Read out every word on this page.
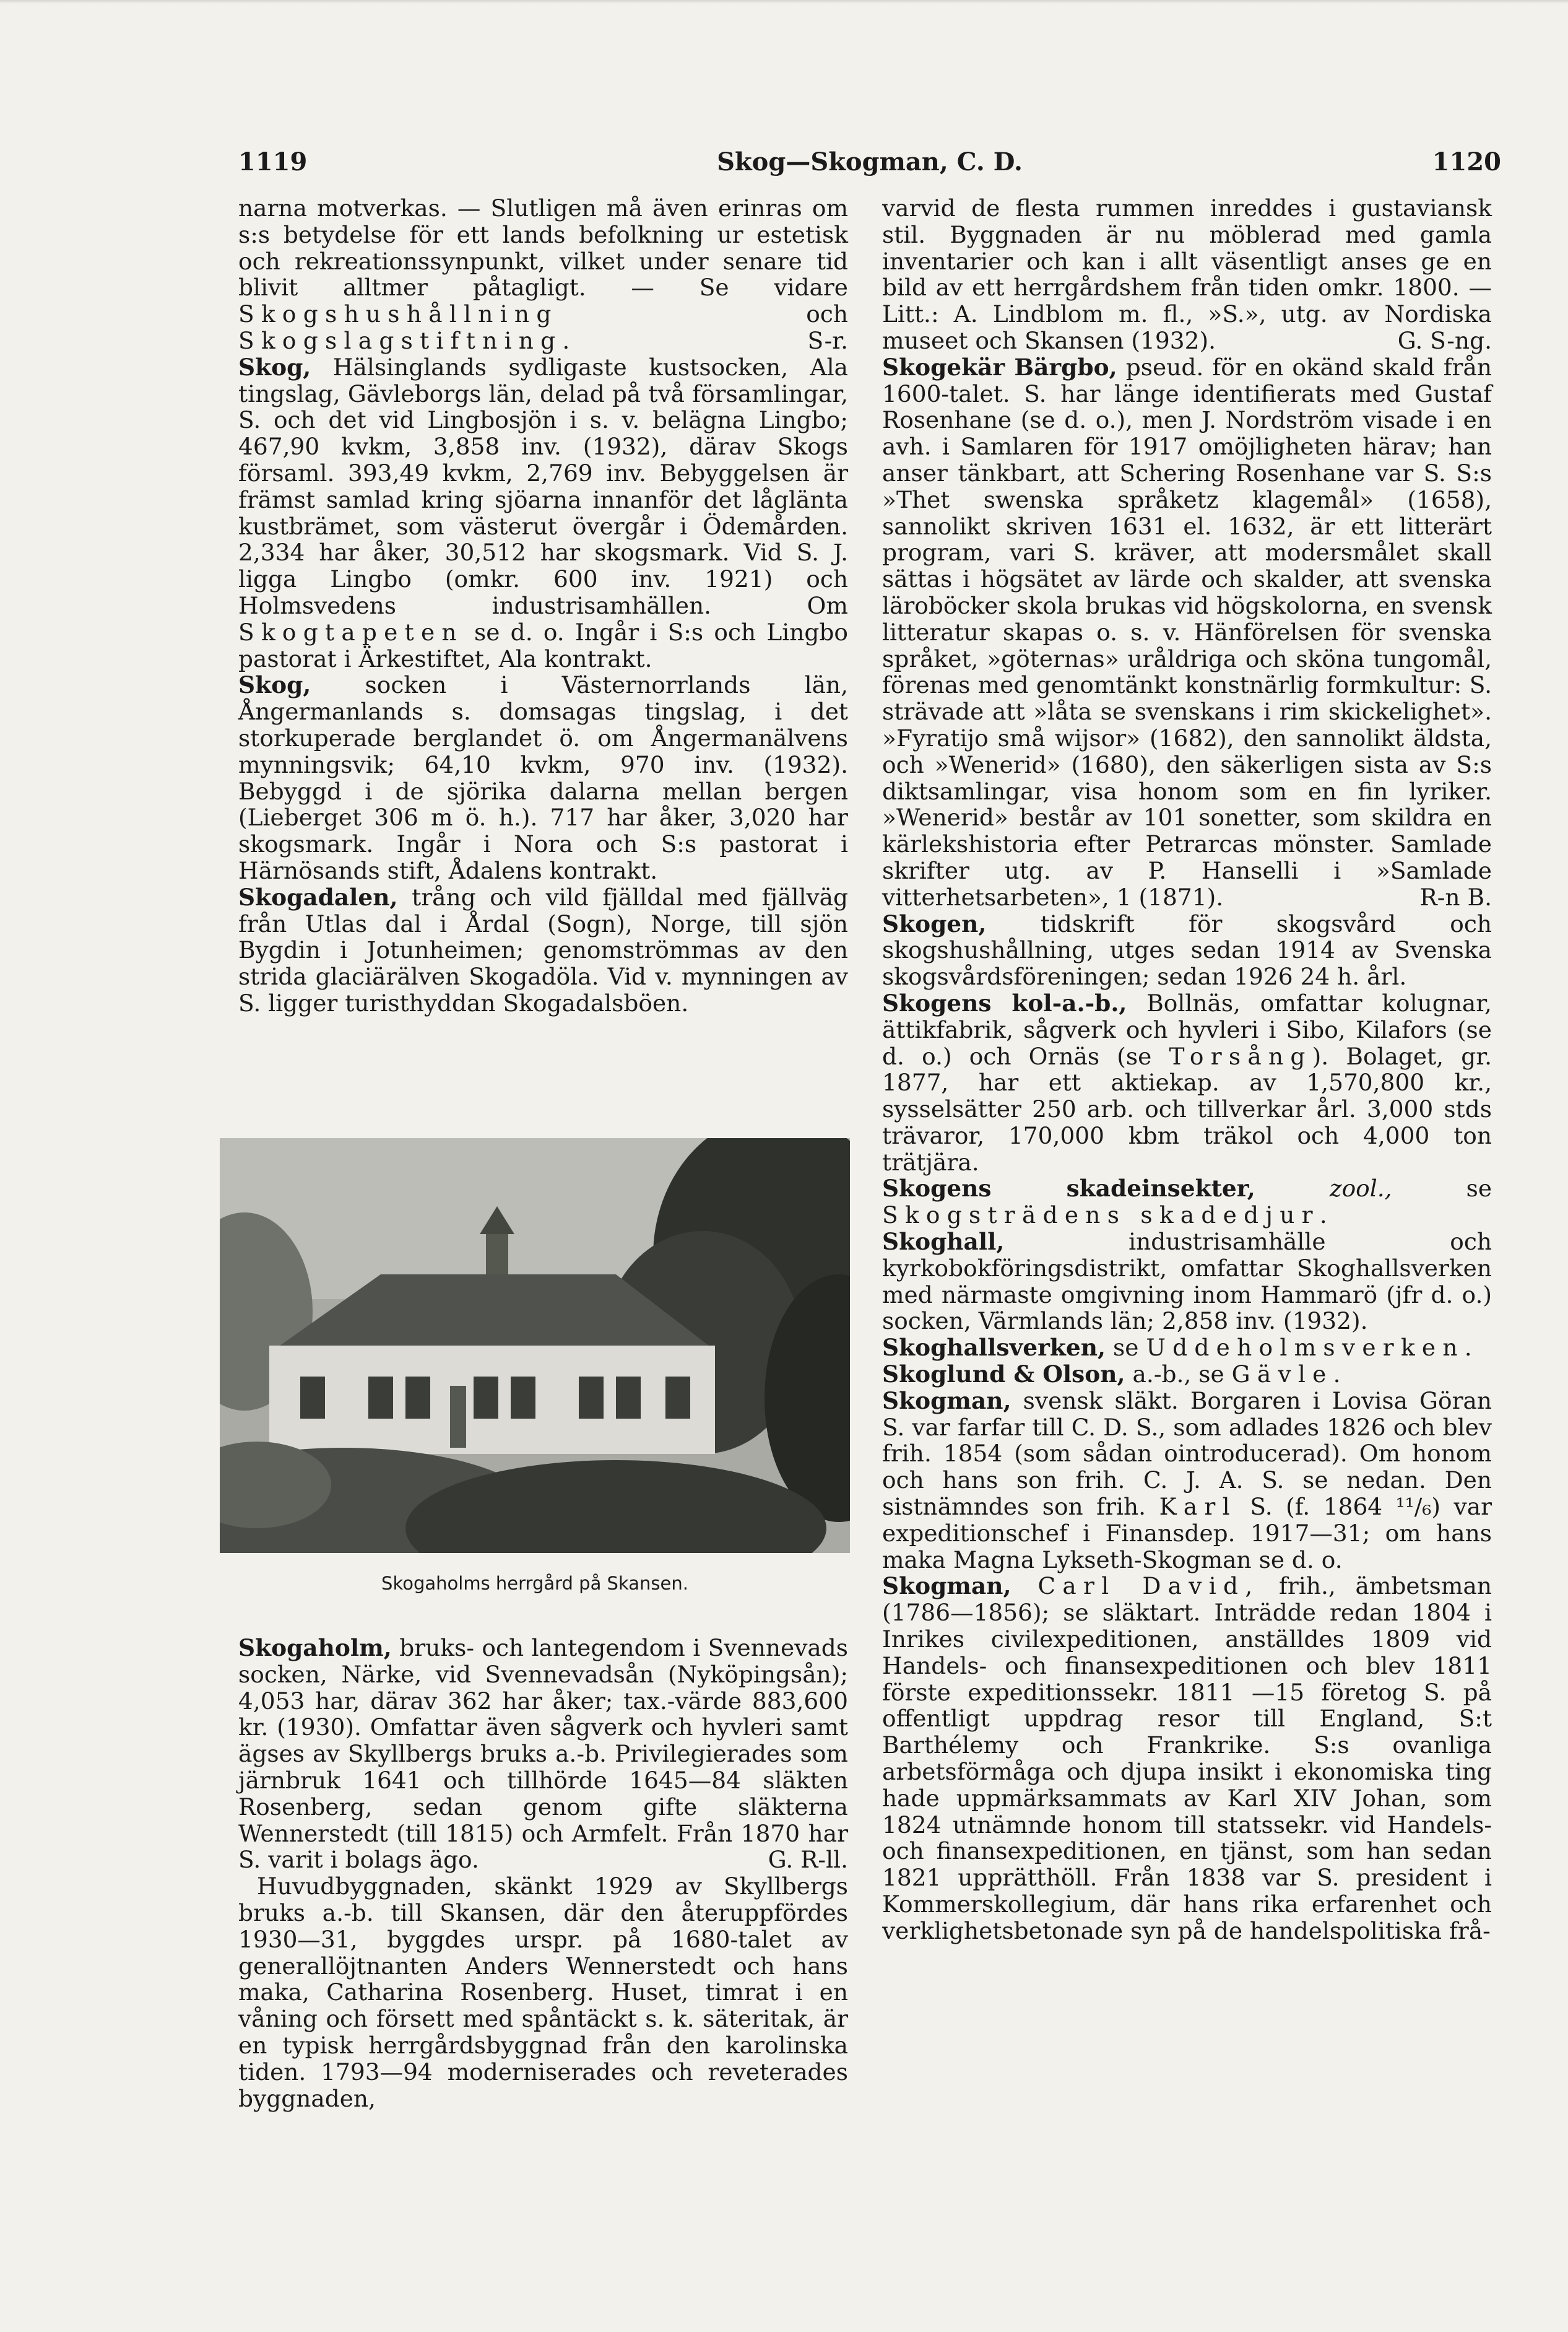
1119	Skog—Skogman, C. D.	1120

narna motverkas. — Slutligen må även erinras om s:s betydelse för ett lands befolkning ur estetisk och rekreationssynpunkt, vilket under senare tid blivit alltmer påtagligt. — Se vidare Skogshushållning och Skogslagstiftning.	S-r.

Skog, Hälsinglands sydligaste kustsocken, Ala tingslag, Gävleborgs län, delad på två församlingar, S. och det vid Lingbosjön i s. v. belägna Lingbo; 467,90 kvkm, 3,858 inv. (1932), därav Skogs församl. 393,49 kvkm, 2,769 inv. Bebyggelsen är främst samlad kring sjöarna innanför det låglänta kustbrämet, som västerut övergår i Ödemården. 2,334 har åker, 30,512 har skogsmark. Vid S. J. ligga Lingbo (omkr. 600 inv. 1921) och Holmsvedens industrisamhällen. Om Skogtapeten se d. o. Ingår i S:s och Lingbo pastorat i Ärkestiftet, Ala kontrakt.

Skog, socken i Västernorrlands län, Ångermanlands s. domsagas tingslag, i det storkuperade berglandet ö. om Ångermanälvens mynningsvik; 64,10 kvkm, 970 inv. (1932). Bebyggd i de sjörika dalarna mellan bergen (Lieberget 306 m ö. h.). 717 har åker, 3,020 har skogsmark. Ingår i Nora och S:s pastorat i Härnösands stift, Ådalens kontrakt.

Skogadalen, trång och vild fjälldal med fjällväg från Utlas dal i Årdal (Sogn), Norge, till sjön Bygdin i Jotunheimen; genomströmmas av den strida glaciärälven Skogadöla. Vid v. mynningen av S. ligger turisthyddan Skogadalsböen.

Skogaholms herrgård på Skansen.

Skogaholm, bruks- och lantegendom i Svennevads socken, Närke, vid Svennevadsån (Nyköpingsån); 4,053 har, därav 362 har åker; tax.-värde 883,600 kr. (1930). Omfattar även sågverk och hyvleri samt ägses av Skyllbergs bruks a.-b. Privilegierades som järnbruk 1641 och tillhörde 1645—84 släkten Rosenberg, sedan genom gifte släkterna Wennerstedt (till 1815) och Armfelt. Från 1870 har S. varit i bolags ägo.	G. R-ll.

Huvudbyggnaden, skänkt 1929 av Skyllbergs bruks a.-b. till Skansen, där den återuppfördes 1930—31, byggdes urspr. på 1680-talet av generallöjtnanten Anders Wennerstedt och hans maka, Catharina Rosenberg. Huset, timrat i en våning och försett med spåntäckt s. k. säteritak, är en typisk herrgårdsbyggnad från den karolinska tiden. 1793—94 moderniserades och reveterades byggnaden,

varvid de flesta rummen inreddes i gustaviansk stil. Byggnaden är nu möblerad med gamla inventarier och kan i allt väsentligt anses ge en bild av ett herrgårdshem från tiden omkr. 1800. — Litt.: A. Lindblom m. fl., »S.», utg. av Nordiska museet och Skansen (1932).	G. S-ng.

Skogekär Bärgbo, pseud. för en okänd skald från 1600-talet. S. har länge identifierats med Gustaf Rosenhane (se d. o.), men J. Nordström visade i en avh. i Samlaren för 1917 omöjligheten härav; han anser tänkbart, att Schering Rosenhane var S. S:s »Thet swenska språketz klagemål» (1658), sannolikt skriven 1631 el. 1632, är ett litterärt program, vari S. kräver, att modersmålet skall sättas i högsätet av lärde och skalder, att svenska läroböcker skola brukas vid högskolorna, en svensk litteratur skapas o. s. v. Hänförelsen för svenska språket, »göternas» uråldriga och sköna tungomål, förenas med genomtänkt konstnärlig formkultur: S. strävade att »låta se svenskans i rim skickelighet». »Fyratijo små wijsor» (1682), den sannolikt äldsta, och »Wenerid» (1680), den säkerligen sista av S:s diktsamlingar, visa honom som en fin lyriker. »Wenerid» består av 101 sonetter, som skildra en kärlekshistoria efter Petrarcas mönster. Samlade skrifter utg. av P. Hanselli i »Samlade vitterhetsarbeten», 1 (1871).	R-n B.

Skogen, tidskrift för skogsvård och skogshushållning, utges sedan 1914 av Svenska skogsvårdsföreningen; sedan 1926 24 h. årl.

Skogens kol-a.-b., Bollnäs, omfattar kolugnar, ättikfabrik, sågverk och hyvleri i Sibo, Kilafors (se d. o.) och Ornäs (se Torsång). Bolaget, gr. 1877, har ett aktiekap. av 1,570,800 kr., sysselsätter 250 arb. och tillverkar årl. 3,000 stds trävaror, 170,000 kbm träkol och 4,000 ton trätjära.

Skogens skadeinsekter, zool., se Skogsträdens skadedjur.

Skoghall, industrisamhälle och kyrkobokföringsdistrikt, omfattar Skoghallsverken med närmaste omgivning inom Hammarö (jfr d. o.) socken, Värmlands län; 2,858 inv. (1932).

Skoghallsverken, se Uddeholmsverken.

Skoglund & Olson, a.-b., se Gävle.

Skogman, svensk släkt. Borgaren i Lovisa Göran S. var farfar till C. D. S., som adlades 1826 och blev frih. 1854 (som sådan ointroducerad). Om honom och hans son frih. C. J. A. S. se nedan. Den sistnämndes son frih. Karl S. (f. 1864 ¹¹/₆) var expeditionschef i Finansdep. 1917—31; om hans maka Magna Lykseth-Skogman se d. o.

Skogman, Carl David, frih., ämbetsman (1786—1856); se släktart. Inträdde redan 1804 i Inrikes civilexpeditionen, anställdes 1809 vid Handels- och finansexpeditionen och blev 1811 förste expeditionssekr. 1811 —15 företog S. på offentligt uppdrag resor till England, S:t Barthélemy och Frankrike. S:s ovanliga arbetsförmåga och djupa insikt i ekonomiska ting hade uppmärksammats av Karl XIV Johan, som 1824 utnämnde honom till statssekr. vid Handels- och finansexpeditionen, en tjänst, som han sedan 1821 upprätthöll. Från 1838 var S. president i Kommerskollegium, där hans rika erfarenhet och verklighetsbetonade syn på de handelspolitiska frå-
